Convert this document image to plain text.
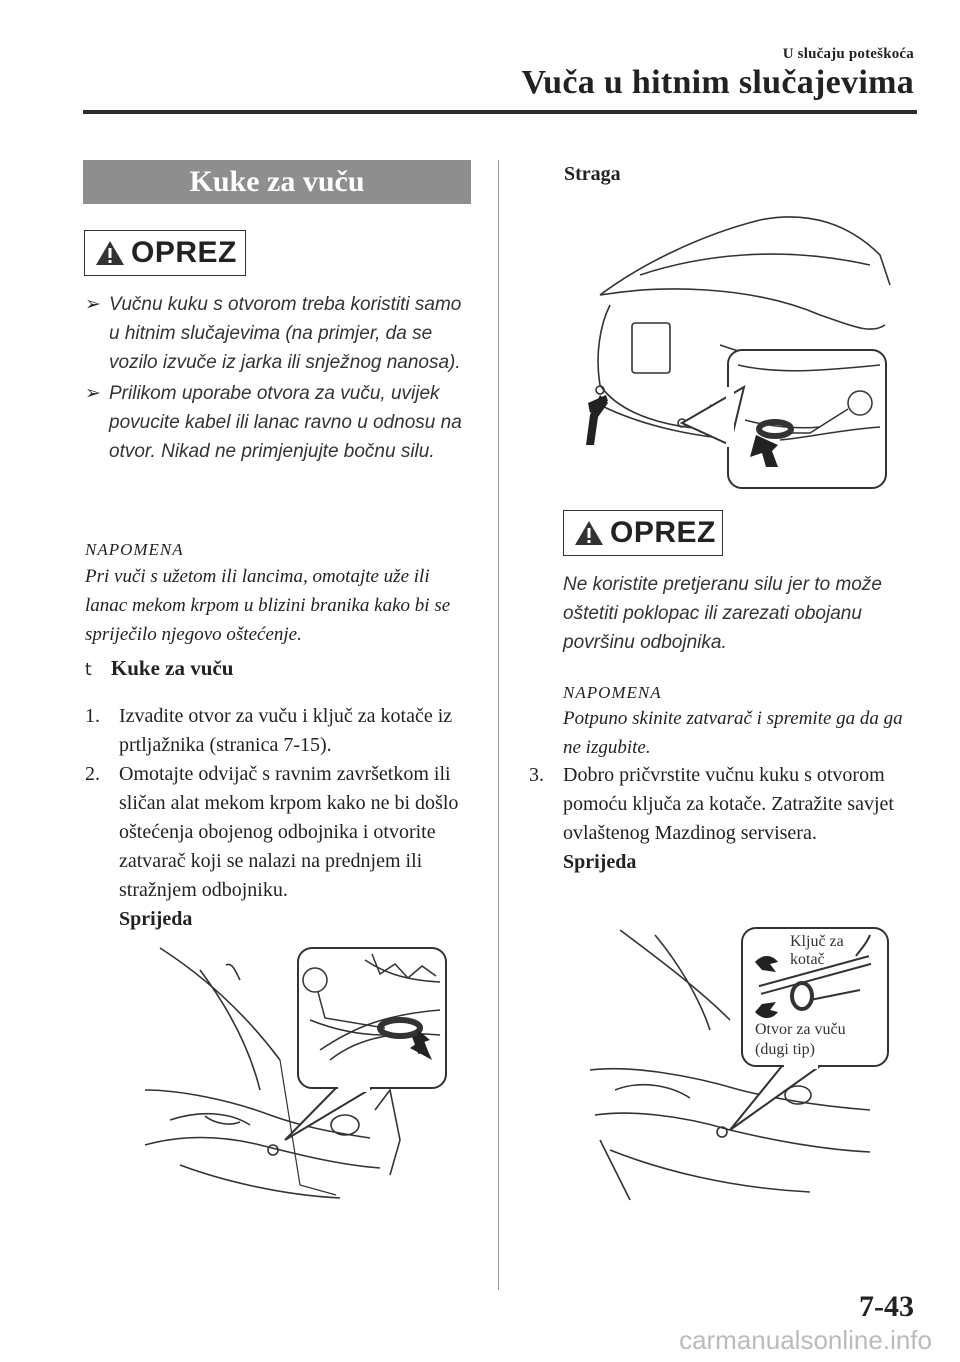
U slučaju poteškoća
Vuča u hitnim slučajevima
Kuke za vuču
OPREZ
➢ Vučnu kuku s otvorom treba koristiti samo u hitnim slučajevima (na primjer, da se vozilo izvuče iz jarka ili snježnog nanosa).
➢ Prilikom uporabe otvora za vuču, uvijek povucite kabel ili lanac ravno u odnosu na otvor. Nikad ne primjenjujte bočnu silu.
NAPOMENA
Pri vuči s užetom ili lancima, omotajte uže ili lanac mekom krpom u blizini branika kako bi se spriječilo njegovo oštećenje.
t Kuke za vuču
1. Izvadite otvor za vuču i ključ za kotače iz prtljažnika (stranica 7-15).
2. Omotajte odvijač s ravnim završetkom ili sličan alat mekom krpom kako ne bi došlo oštećenja obojenog odbojnika i otvorite zatvarač koji se nalazi na prednjem ili stražnjem odbojniku.
Sprijeda
Straga
OPREZ
Ne koristite pretjeranu silu jer to može oštetiti poklopac ili zarezati obojanu površinu odbojnika.
NAPOMENA
Potpuno skinite zatvarač i spremite ga da ga ne izgubite.
3. Dobro pričvrstite vučnu kuku s otvorom pomoću ključa za kotače. Zatražite savjet ovlaštenog Mazdinog servisera.
Sprijeda
Ključ za
kotač
Otvor za vuču
(dugi tip)
7-43
carmanualsonline.info
